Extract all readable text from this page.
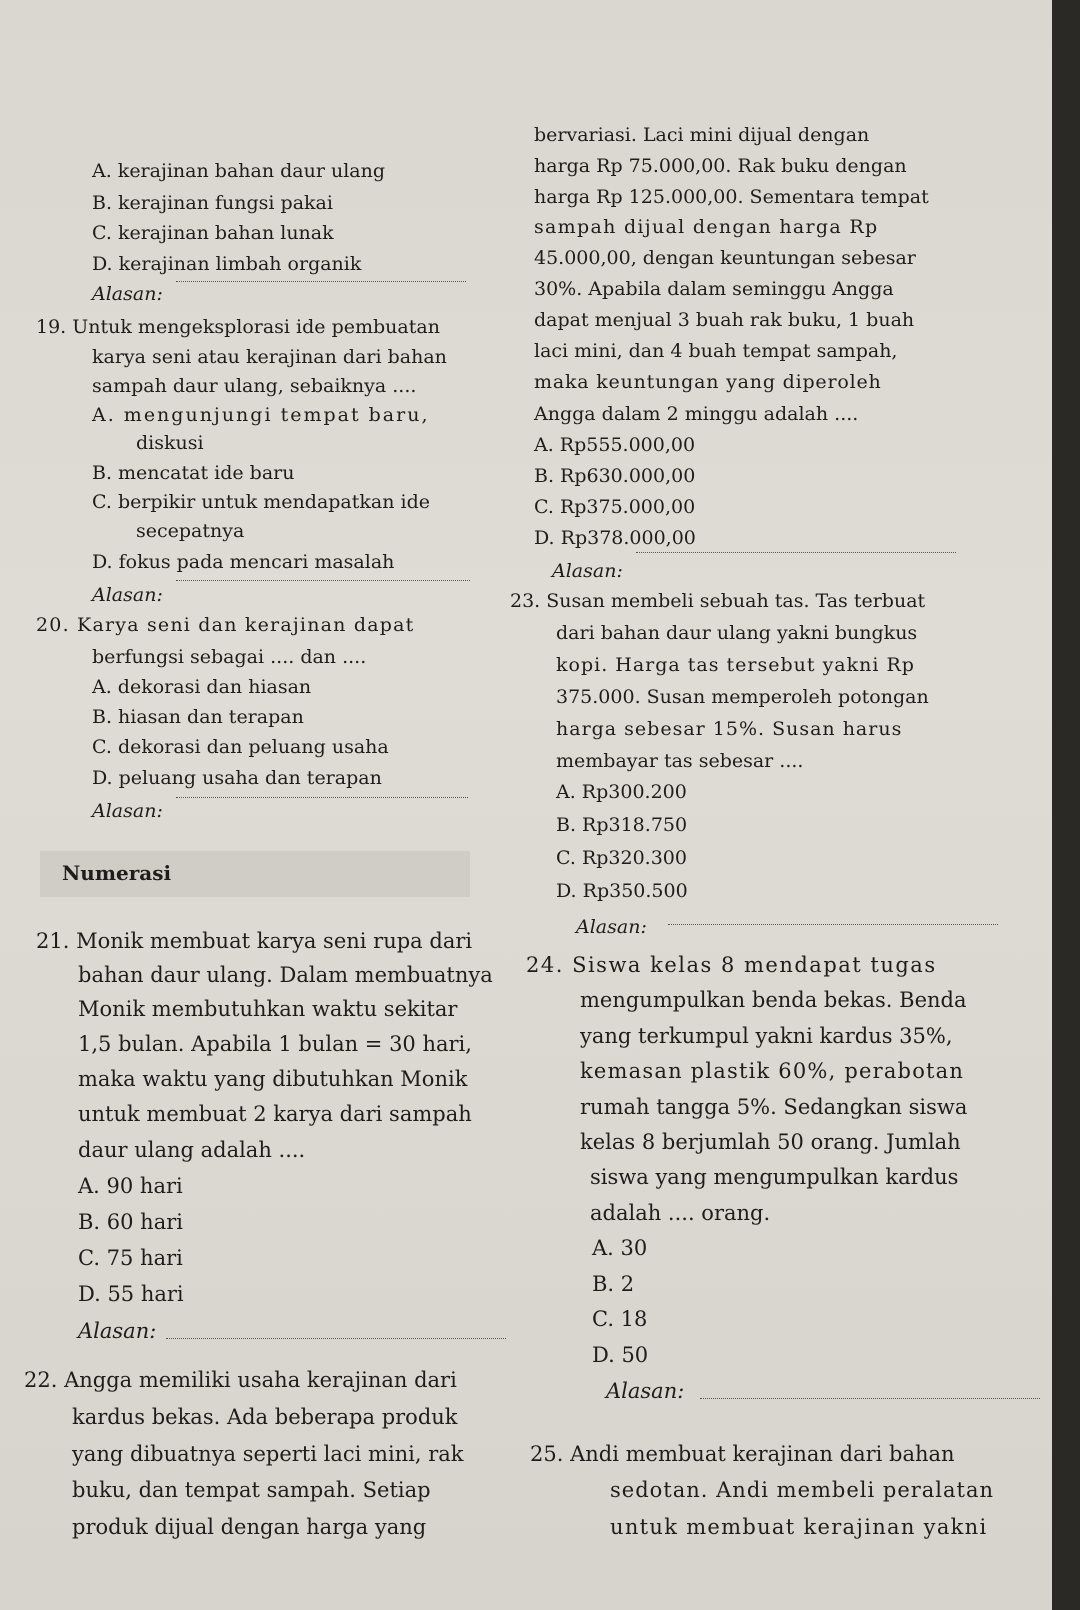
A. kerajinan bahan daur ulang
B. kerajinan fungsi pakai
C. kerajinan bahan lunak
D. kerajinan limbah organik
Alasan:
19. Untuk mengeksplorasi ide pembuatan
karya seni atau kerajinan dari bahan
sampah daur ulang, sebaiknya ....
A. mengunjungi tempat baru,
diskusi
B. mencatat ide baru
C. berpikir untuk mendapatkan ide
secepatnya
D. fokus pada mencari masalah
Alasan:
20. Karya seni dan kerajinan dapat
berfungsi sebagai .... dan ....
A. dekorasi dan hiasan
B. hiasan dan terapan
C. dekorasi dan peluang usaha
D. peluang usaha dan terapan
Alasan:
Numerasi
21. Monik membuat karya seni rupa dari
bahan daur ulang. Dalam membuatnya
Monik membutuhkan waktu sekitar
1,5 bulan. Apabila 1 bulan = 30 hari,
maka waktu yang dibutuhkan Monik
untuk membuat 2 karya dari sampah
daur ulang adalah ....
A. 90 hari
B. 60 hari
C. 75 hari
D. 55 hari
Alasan:
22. Angga memiliki usaha kerajinan dari
kardus bekas. Ada beberapa produk
yang dibuatnya seperti laci mini, rak
buku, dan tempat sampah. Setiap
produk dijual dengan harga yang
bervariasi. Laci mini dijual dengan
harga Rp 75.000,00. Rak buku dengan
harga Rp 125.000,00. Sementara tempat
sampah dijual dengan harga Rp
45.000,00, dengan keuntungan sebesar
30%. Apabila dalam seminggu Angga
dapat menjual 3 buah rak buku, 1 buah
laci mini, dan 4 buah tempat sampah,
maka keuntungan yang diperoleh
Angga dalam 2 minggu adalah ....
A. Rp555.000,00
B. Rp630.000,00
C. Rp375.000,00
D. Rp378.000,00
Alasan:
23. Susan membeli sebuah tas. Tas terbuat
dari bahan daur ulang yakni bungkus
kopi. Harga tas tersebut yakni Rp
375.000. Susan memperoleh potongan
harga sebesar 15%. Susan harus
membayar tas sebesar ....
A. Rp300.200
B. Rp318.750
C. Rp320.300
D. Rp350.500
Alasan:
24. Siswa kelas 8 mendapat tugas
mengumpulkan benda bekas. Benda
yang terkumpul yakni kardus 35%,
kemasan plastik 60%, perabotan
rumah tangga 5%. Sedangkan siswa
kelas 8 berjumlah 50 orang. Jumlah
siswa yang mengumpulkan kardus
adalah .... orang.
A. 30
B. 2
C. 18
D. 50
Alasan:
25. Andi membuat kerajinan dari bahan
sedotan. Andi membeli peralatan
untuk membuat kerajinan yakni
